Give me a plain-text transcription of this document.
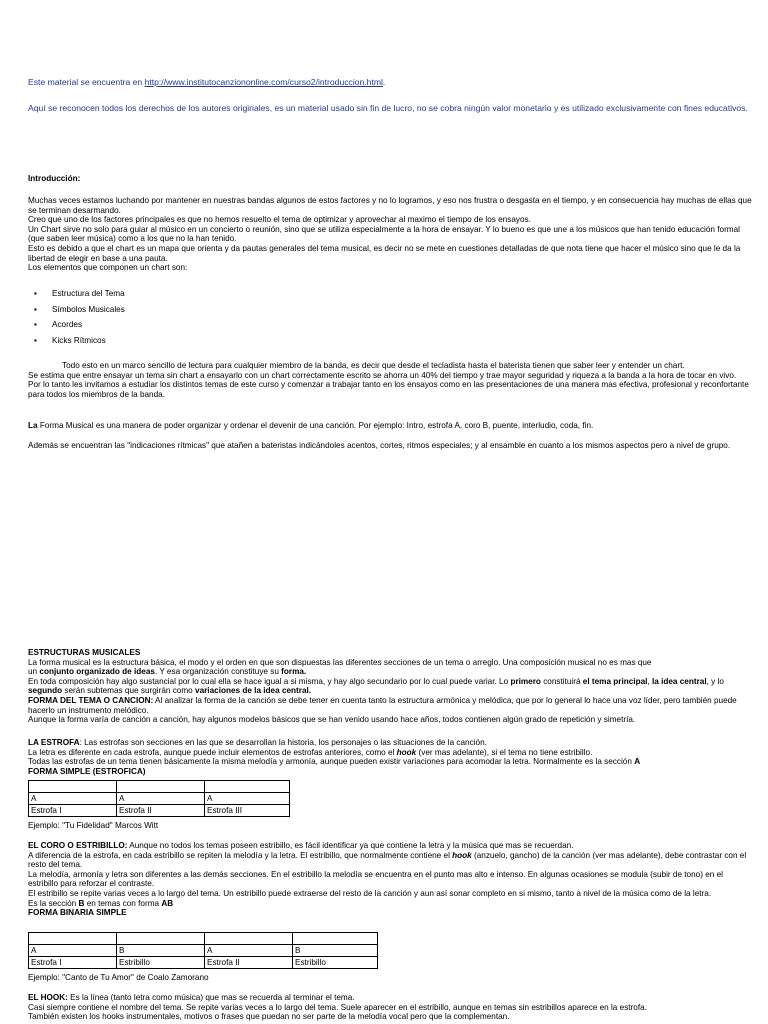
Este material se encuentra en http://www.institutocanziononline.com/curso2/introduccion.html.
Aquí se reconocen todos los derechos de los autores originales, es un material usado sin fin de lucro, no se cobra ningún valor monetario y es utilizado exclusivamente con fines educativos.
Introducción:

Muchas veces estamos luchando por mantener en nuestras bandas algunos de estos factores y no lo logramos, y eso nos frustra o desgasta en el tiempo, y en consecuencia hay muchas de ellas que se terminan desarmando.

Creo que uno de los factores principales es que no hemos resuelto el tema de optimizar y aprovechar al maximo el tiempo de los ensayos.

Un Chart sirve no solo para guiar al músico en un concierto o reunión, sino que se utiliza especialmente a la hora de ensayar. Y lo bueno es que une a los músicos que han tenido educación formal (que saben leer música) como a los que no la han tenido.

Esto es debido a que el chart es un mapa que orienta y da pautas generales del tema musical, es decir no se mete en cuestiones detalladas de que nota tiene que hacer el músico sino que le da la libertad de elegir en base a una pauta.

Los elementos que componen un chart son:

▪ Estructura del Tema
▪ Símbolos Musicales
▪ Acordes
▪ Kicks Rítmicos

Todo esto en un marco sencillo de lectura para cualquier miembro de la banda, es decir que desde el tecladista hasta el baterista tienen que saber leer y entender un chart.

Se estima que entre ensayar un tema sin chart a ensayarlo con un chart correctamente escrito se ahorra un 40% del tiempo y trae mayor seguridad y riqueza a la banda a la hora de tocar en vivo.

Por lo tanto les invitamos a estudiar los distintos temas de este curso y comenzar a trabajar tanto en los ensayos como en las presentaciones de una manera mas efectiva, profesional y reconfortante para todos los miembros de la banda.

La Forma Musical es una manera de poder organizar y ordenar el devenir de una canción. Por ejemplo: Intro, estrofa A, coro B, puente, interludio, coda, fin.
Además se encuentran las "indicaciones rítmicas" que atañen a bateristas indicándoles acentos, cortes, ritmos especiales; y al ensamble en cuanto a los mismos aspectos pero a nivel de grupo.

ESTRUCTURAS MUSICALES

La forma musical es la estructura básica, el modo y el orden en que son dispuestas las diferentes secciones de un tema o arreglo. Una composición musical no es mas que

un conjunto organizado de ideas. Y esa organización constituye su forma.

En toda composición hay algo sustancial por lo cual ella se hace igual a si misma, y hay algo secundario por lo cual puede variar. Lo primero constituirá el tema principal, la idea central, y lo segundo serán subtemas que surgirán como variaciones de la idea central.

FORMA DEL TEMA O CANCION: Al analizar la forma de la canción se debe tener en cuenta tanto la estructura armónica y melódica, que por lo general lo hace una voz líder, pero también puede hacerlo un instrumento melódico.

Aunque la forma varía de canción a canción, hay algunos modelos básicos que se han venido usando hace años, todos contienen algún grado de repetición y simetría.

LA ESTROFA: Las estrofas son secciones en las que se desarrollan la historia, los personajes o las situaciones de la canción.

La letra es diferente en cada estrofa, aunque puede incluir elementos de estrofas anteriores, como el hook (ver mas adelante), si el tema no tiene estribillo.

Todas las estrofas de un tema tienen básicamente la misma melodía y armonía, aunque pueden existir variaciones para acomodar la letra. Normalmente es la sección A

FORMA SIMPLE (ESTROFICA)

A	A	A
Estrofa I	Estrofa II	Estrofa III
Ejemplo: "Tu Fidelidad" Marcos Witt

EL CORO O ESTRIBILLO: Aunque no todos los temas poseen estribillo, es fácil identificar ya que contiene la letra y la música que mas se recuerdan.

A diferencia de la estrofa, en cada estribillo se repiten la melodía y la letra. El estribillo, que normalmente contiene el hook (anzuelo, gancho) de la canción (ver mas adelante), debe contrastar con el resto del tema.

La melodía, armonía y letra son diferentes a las demás secciones. En el estribillo la melodía se encuentra en el punto mas alto e intenso. En algunas ocasiones se modula (subir de tono) en el estribillo para reforzar el contraste.

El estribillo se repite varias veces a lo largo del tema. Un estribillo puede extraerse del resto de la canción y aun así sonar completo en si mismo, tanto a nivel de la música como de la letra.

Es la sección B en temas con forma AB

FORMA BINARIA SIMPLE

A	B	A	B
Estrofa I	Estribillo	Estrofa II	Estribillo
Ejemplo: "Canto de Tu Amor" de Coalo Zamorano

EL HOOK: Es la línea (tanto letra como música) que mas se recuerda al terminar el tema.

Casi siempre contiene el nombre del tema. Se repite varias veces a lo largo del tema. Suele aparecer en el estribillo, aunque en temas sin estribillos aparece en la estrofa.

También existen los hooks instrumentales, motivos o frases que puedan no ser parte de la melodía vocal pero que la complementan.
